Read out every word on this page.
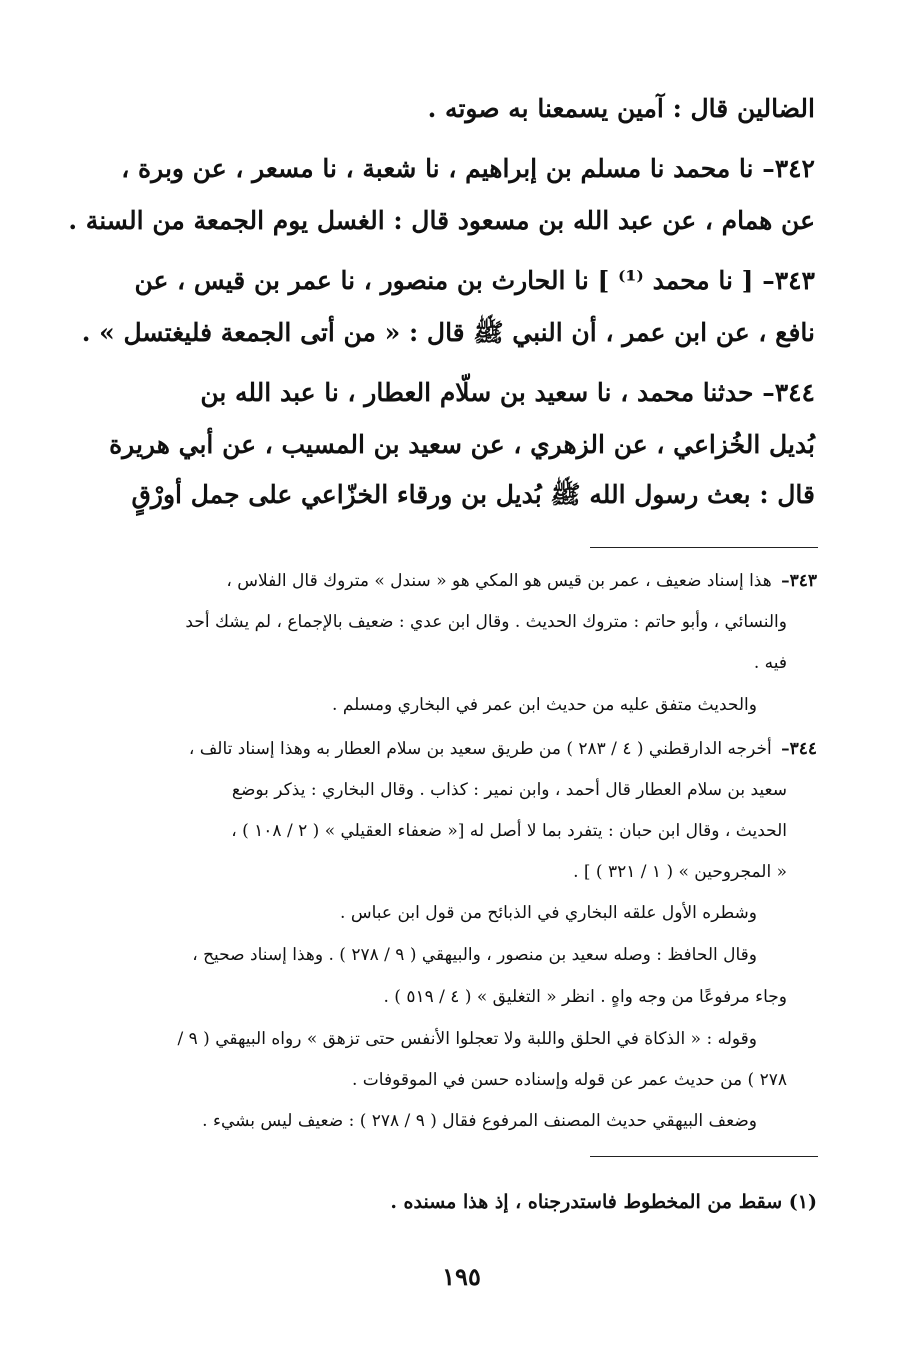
الضالين قال : آمين يسمعنا به صوته .

٣٤٢– نا محمد نا مسلم بن إبراهيم ، نا شعبة ، نا مسعر ، عن وبرة ،

عن همام ، عن عبد الله بن مسعود قال : الغسل يوم الجمعة من السنة .

٣٤٣– [ نا محمد ⁽¹⁾ ] نا الحارث بن منصور ، نا عمر بن قيس ، عن

نافع ، عن ابن عمر ، أن النبي ﷺ قال : « من أتى الجمعة فليغتسل » .

٣٤٤– حدثنا محمد ، نا سعيد بن سلّام العطار ، نا عبد الله بن

بُديل الخُزاعي ، عن الزهري ، عن سعيد بن المسيب ، عن أبي هريرة

قال : بعث رسول الله ﷺ بُديل بن ورقاء الخزّاعي على جمل أورْقٍ

٣٤٣– هذا إسناد ضعيف ، عمر بن قيس هو المكي هو « سندل » متروك قال الفلاس ،

والنسائي ، وأبو حاتم : متروك الحديث . وقال ابن عدي : ضعيف بالإجماع ، لم يشك أحد

فيه .

والحديث متفق عليه من حديث ابن عمر في البخاري ومسلم .

٣٤٤– أخرجه الدارقطني ( ٤ / ٢٨٣ ) من طريق سعيد بن سلام العطار به وهذا إسناد تالف ،

سعيد بن سلام العطار قال أحمد ، وابن نمير : كذاب . وقال البخاري : يذكر بوضع

الحديث ، وقال ابن حبان : يتفرد بما لا أصل له [« ضعفاء العقيلي » ( ٢ / ١٠٨ ) ،

« المجروحين » ( ١ / ٣٢١ ) ] .

وشطره الأول علقه البخاري في الذبائح من قول ابن عباس .

وقال الحافظ : وصله سعيد بن منصور ، والبيهقي ( ٩ / ٢٧٨ ) . وهذا إسناد صحيح ،

وجاء مرفوعًا من وجه واهٍ . انظر « التغليق » ( ٤ / ٥١٩ ) .

وقوله : « الذكاة في الحلق واللبة ولا تعجلوا الأنفس حتى تزهق » رواه البيهقي ( ٩ /

٢٧٨ ) من حديث عمر عن قوله وإسناده حسن في الموقوفات .

وضعف البيهقي حديث المصنف المرفوع فقال ( ٩ / ٢٧٨ ) : ضعيف ليس بشيء .

(١) سقط من المخطوط فاستدرجناه ، إذ هذا مسنده .

١٩٥
